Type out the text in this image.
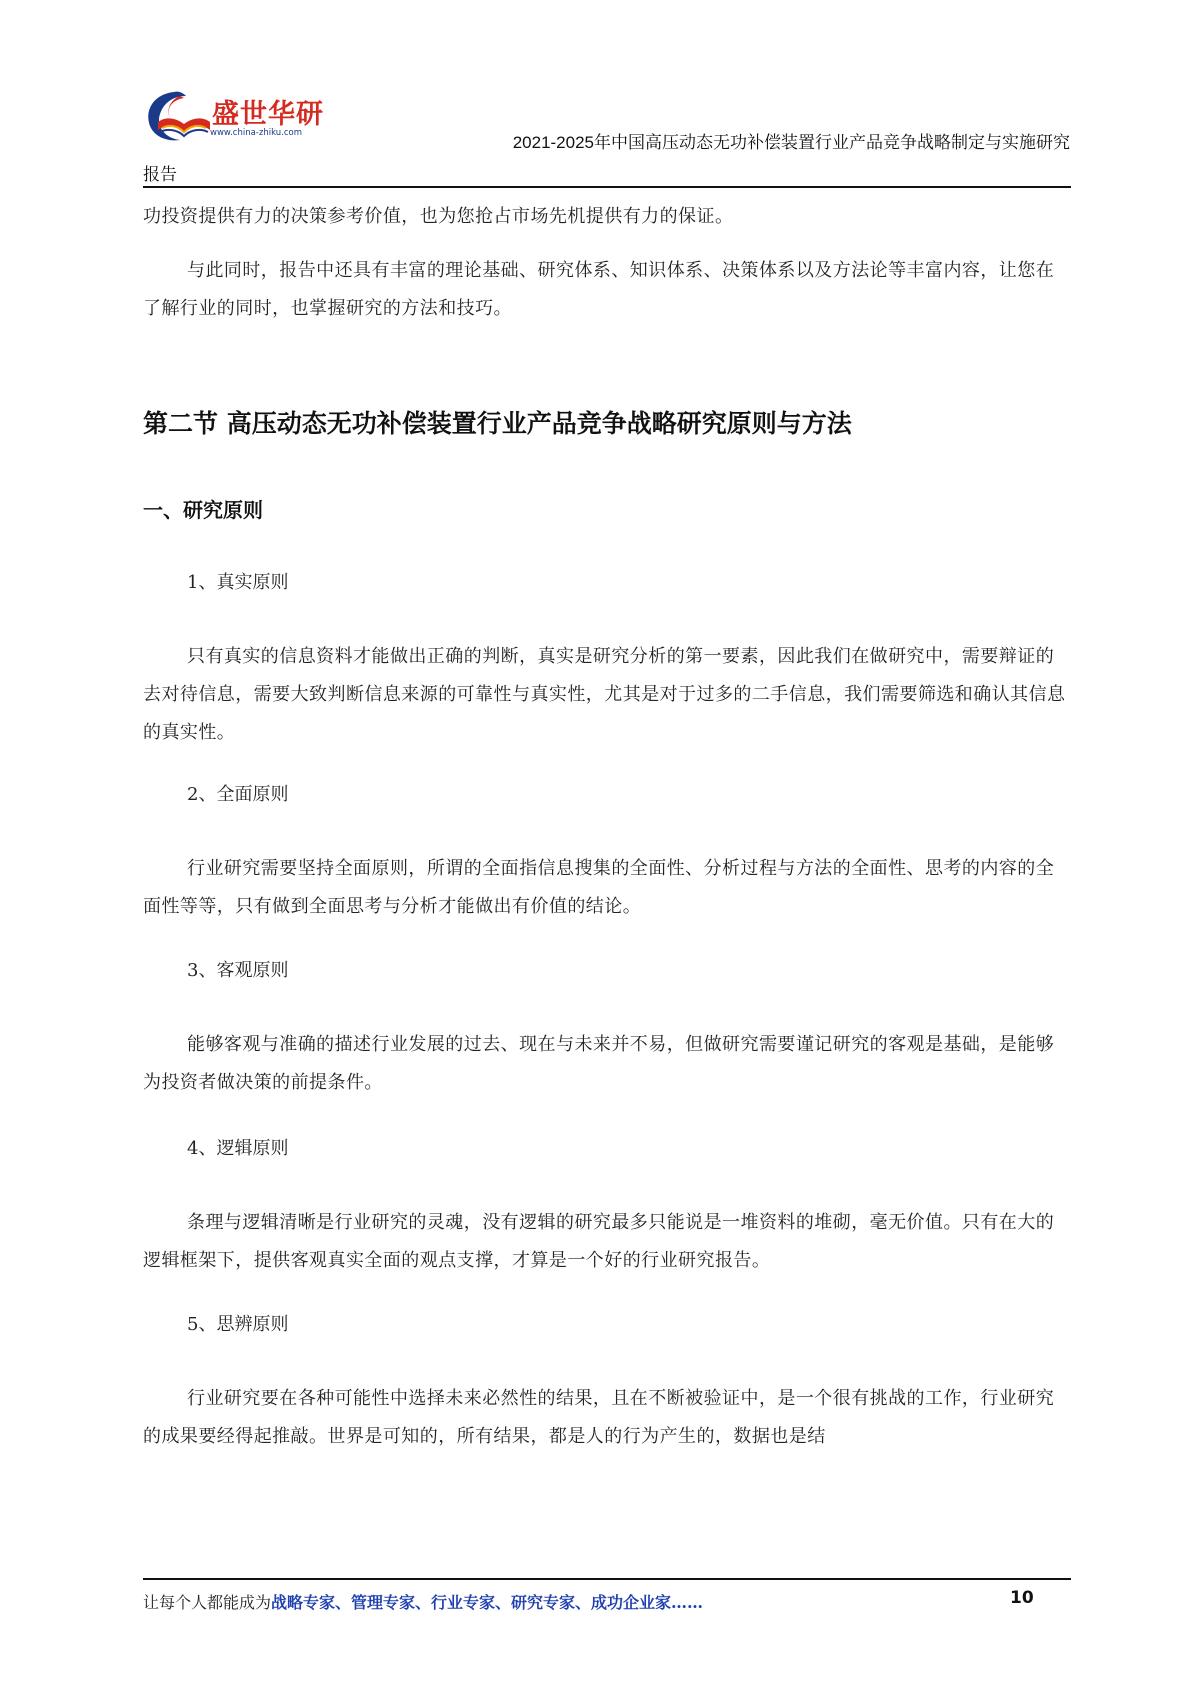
盛世华研
www.china-zhiku.com	2021-2025年中国高压动态无功补偿装置行业产品竞争战略制定与实施研究
报告
功投资提供有力的决策参考价值，也为您抢占市场先机提供有力的保证。
与此同时，报告中还具有丰富的理论基础、研究体系、知识体系、决策体系以及方法论等丰富内容，让您在了解行业的同时，也掌握研究的方法和技巧。
第二节 高压动态无功补偿装置行业产品竞争战略研究原则与方法
一、研究原则
1、真实原则
只有真实的信息资料才能做出正确的判断，真实是研究分析的第一要素，因此我们在做研究中，需要辩证的去对待信息，需要大致判断信息来源的可靠性与真实性，尤其是对于过多的二手信息，我们需要筛选和确认其信息的真实性。
2、全面原则
行业研究需要坚持全面原则，所谓的全面指信息搜集的全面性、分析过程与方法的全面性、思考的内容的全面性等等，只有做到全面思考与分析才能做出有价值的结论。
3、客观原则
能够客观与准确的描述行业发展的过去、现在与未来并不易，但做研究需要谨记研究的客观是基础，是能够为投资者做决策的前提条件。
4、逻辑原则
条理与逻辑清晰是行业研究的灵魂，没有逻辑的研究最多只能说是一堆资料的堆砌，毫无价值。只有在大的逻辑框架下，提供客观真实全面的观点支撑，才算是一个好的行业研究报告。
5、思辨原则
行业研究要在各种可能性中选择未来必然性的结果，且在不断被验证中，是一个很有挑战的工作，行业研究的成果要经得起推敲。世界是可知的，所有结果，都是人的行为产生的，数据也是结
让每个人都能成为战略专家、管理专家、行业专家、研究专家、成功企业家……	10
